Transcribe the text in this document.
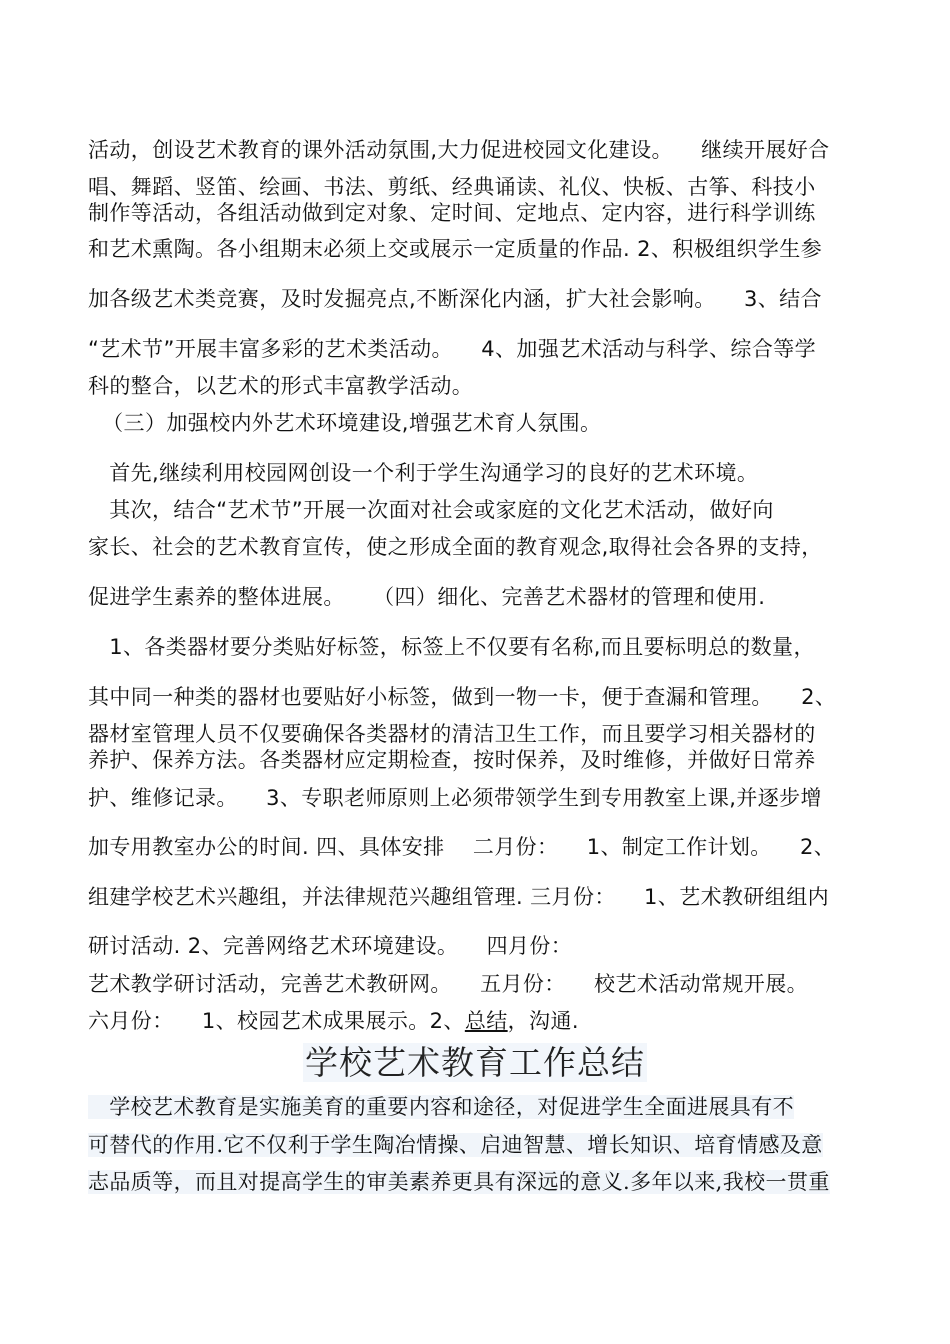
活动，创设艺术教育的课外活动氛围,大力促进校园文化建设。    继续开展好合
唱、舞蹈、竖笛、绘画、书法、剪纸、经典诵读、礼仪、快板、古筝、科技小
制作等活动，各组活动做到定对象、定时间、定地点、定内容，进行科学训练
和艺术熏陶。各小组期末必须上交或展示一定质量的作品. 2、积极组织学生参
加各级艺术类竞赛，及时发掘亮点,不断深化内涵，扩大社会影响。    3、结合
“艺术节”开展丰富多彩的艺术类活动。    4、加强艺术活动与科学、综合等学
科的整合，以艺术的形式丰富教学活动。
（三）加强校内外艺术环境建设,增强艺术育人氛围。
首先,继续利用校园网创设一个利于学生沟通学习的良好的艺术环境。
其次，结合“艺术节”开展一次面对社会或家庭的文化艺术活动，做好向
家长、社会的艺术教育宣传，使之形成全面的教育观念,取得社会各界的支持，
促进学生素养的整体进展。    （四）细化、完善艺术器材的管理和使用.
1、各类器材要分类贴好标签，标签上不仅要有名称,而且要标明总的数量，
其中同一种类的器材也要贴好小标签，做到一物一卡，便于查漏和管理。    2、
器材室管理人员不仅要确保各类器材的清洁卫生工作，而且要学习相关器材的
养护、保养方法。各类器材应定期检查，按时保养，及时维修，并做好日常养
护、维修记录。    3、专职老师原则上必须带领学生到专用教室上课,并逐步增
加专用教室办公的时间. 四、具体安排    二月份：    1、制定工作计划。    2、
组建学校艺术兴趣组，并法律规范兴趣组管理. 三月份：    1、艺术教研组组内
研讨活动. 2、完善网络艺术环境建设。    四月份：
艺术教学研讨活动，完善艺术教研网。    五月份：    校艺术活动常规开展。
六月份：    1、校园艺术成果展示。2、总结，沟通.
学校艺术教育工作总结
学校艺术教育是实施美育的重要内容和途径，对促进学生全面进展具有不
可替代的作用.它不仅利于学生陶冶情操、启迪智慧、增长知识、培育情感及意
志品质等，而且对提高学生的审美素养更具有深远的意义.多年以来,我校一贯重
